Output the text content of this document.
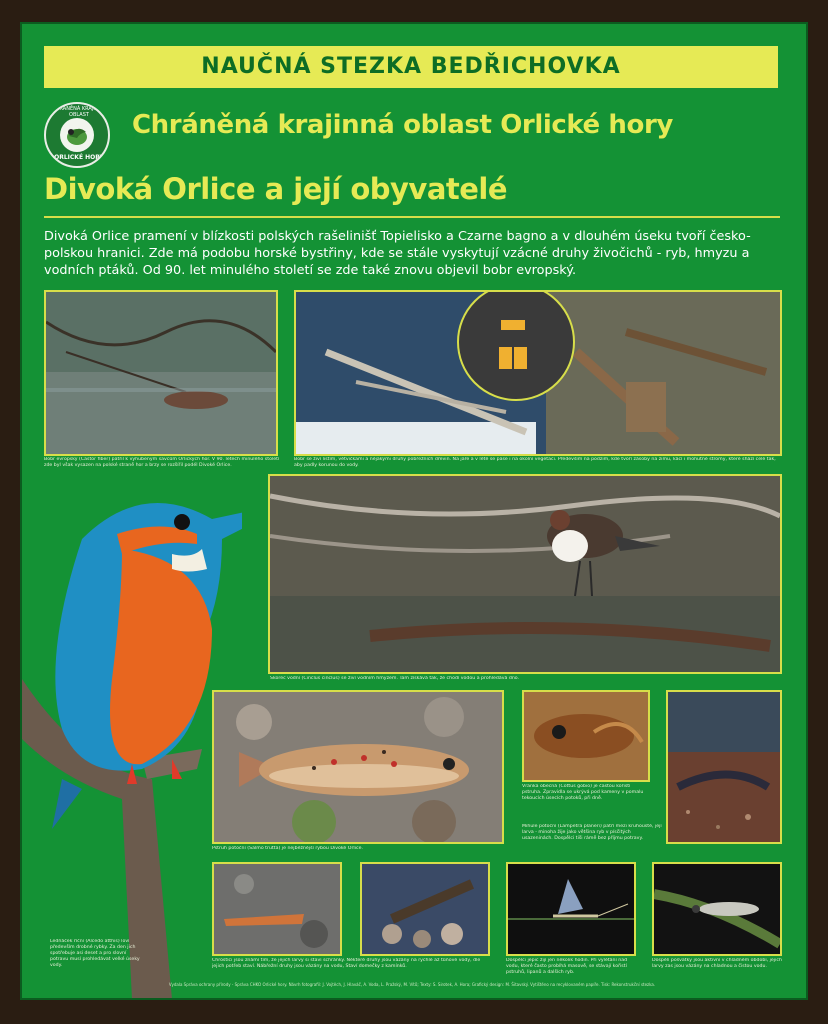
NAUČNÁ STEZKA BEDŘICHOVKA
CHRÁNĚNÁ KRAJINNÁ OBLAST
ORLICKÉ HORY
Chráněná krajinná oblast Orlické hory
Divoká Orlice a její obyvatelé
Divoká Orlice pramení v blízkosti polských rašelinišť Topielisko a Czarne bagno a v dlouhém úseku tvoří česko-polskou hranici. Zde má podobu horské bystřiny, kde se stále vyskytují vzácné druhy živočichů - ryb, hmyzu a vodních ptáků. Od 90. let minulého století se zde také znovu objevil bobr evropský.
Bobr evropský (Castor fiber) patřil k vyhubeným savcům Orlických hor. V 90. letech minulého století zde byl však vysazen na polské straně hor a brzy se rozšířil podél Divoké Orlice.
Bobr se živí listím, větvičkami a nějakými druhy pobřežních dřevin. Na jaře a v létě se pase i na okolní vegetaci. Především na podzim, kde tvoří zásoby na zimu, kácí i mohutné stromy, které shází celé tak, aby padly korunou do vody.
Ledňáček říční (Alcedo atthis) loví především drobné rybky. Za den jich spotřebuje asi deset a pro slovní potravu musí prohledávat velké úseky vody.
Skorec vodní (Cinclus cinclus) se živí vodním hmyzem. Tam získává tak, že chodí vodou a prohledává dno.
Pstruh potoční (Salmo trutta) je nejběžnější rybou Divoké Orlice.
Vranka obecná (Cottus gobio) je častou kořistí pstruha. Zpravidla se ukrývá pod kameny v pomalu tekoucích úsecích potoků, při dně.
Mihule potoční (Lampetra planeri) patří mezi kruhoústé, její larva - minoha žije jako většina ryb v písčitých usazeninách. Dospělci tiši rámě bez příjmu potravy.
Chrostíci jsou známí tím, že jejich larvy si staví schránky. Některé druhy jsou vázány na rychlé až tůňové vody, dle jejich potřeb staví. Nábřežní druhy jsou vázány na vodu, Staví domečky z kamínků.
Dospělci jepic žijí jen několik hodin. Při vylétání nad vodu, které často probíhá masově, se stávají kořistí pstruhů, lipanů a dalších ryb.
Dospělí pošvatky jsou aktivní v chladném období, jejich larvy zas jsou vázány na chladnou a čistou vodu.
Vydala Správa ochrany přírody - Správa CHKO Orlické hory. Návrh fotografií: J. Vojtěch, J. Hlaváč, A. Voda, L. Pražský, M. Vítů; Texty: S. Sirotek, A. Hora; Grafický design: M. Šitavský. Vytištěno na recyklovaném papíře. Tisk: Rekonstrukční stezka.
